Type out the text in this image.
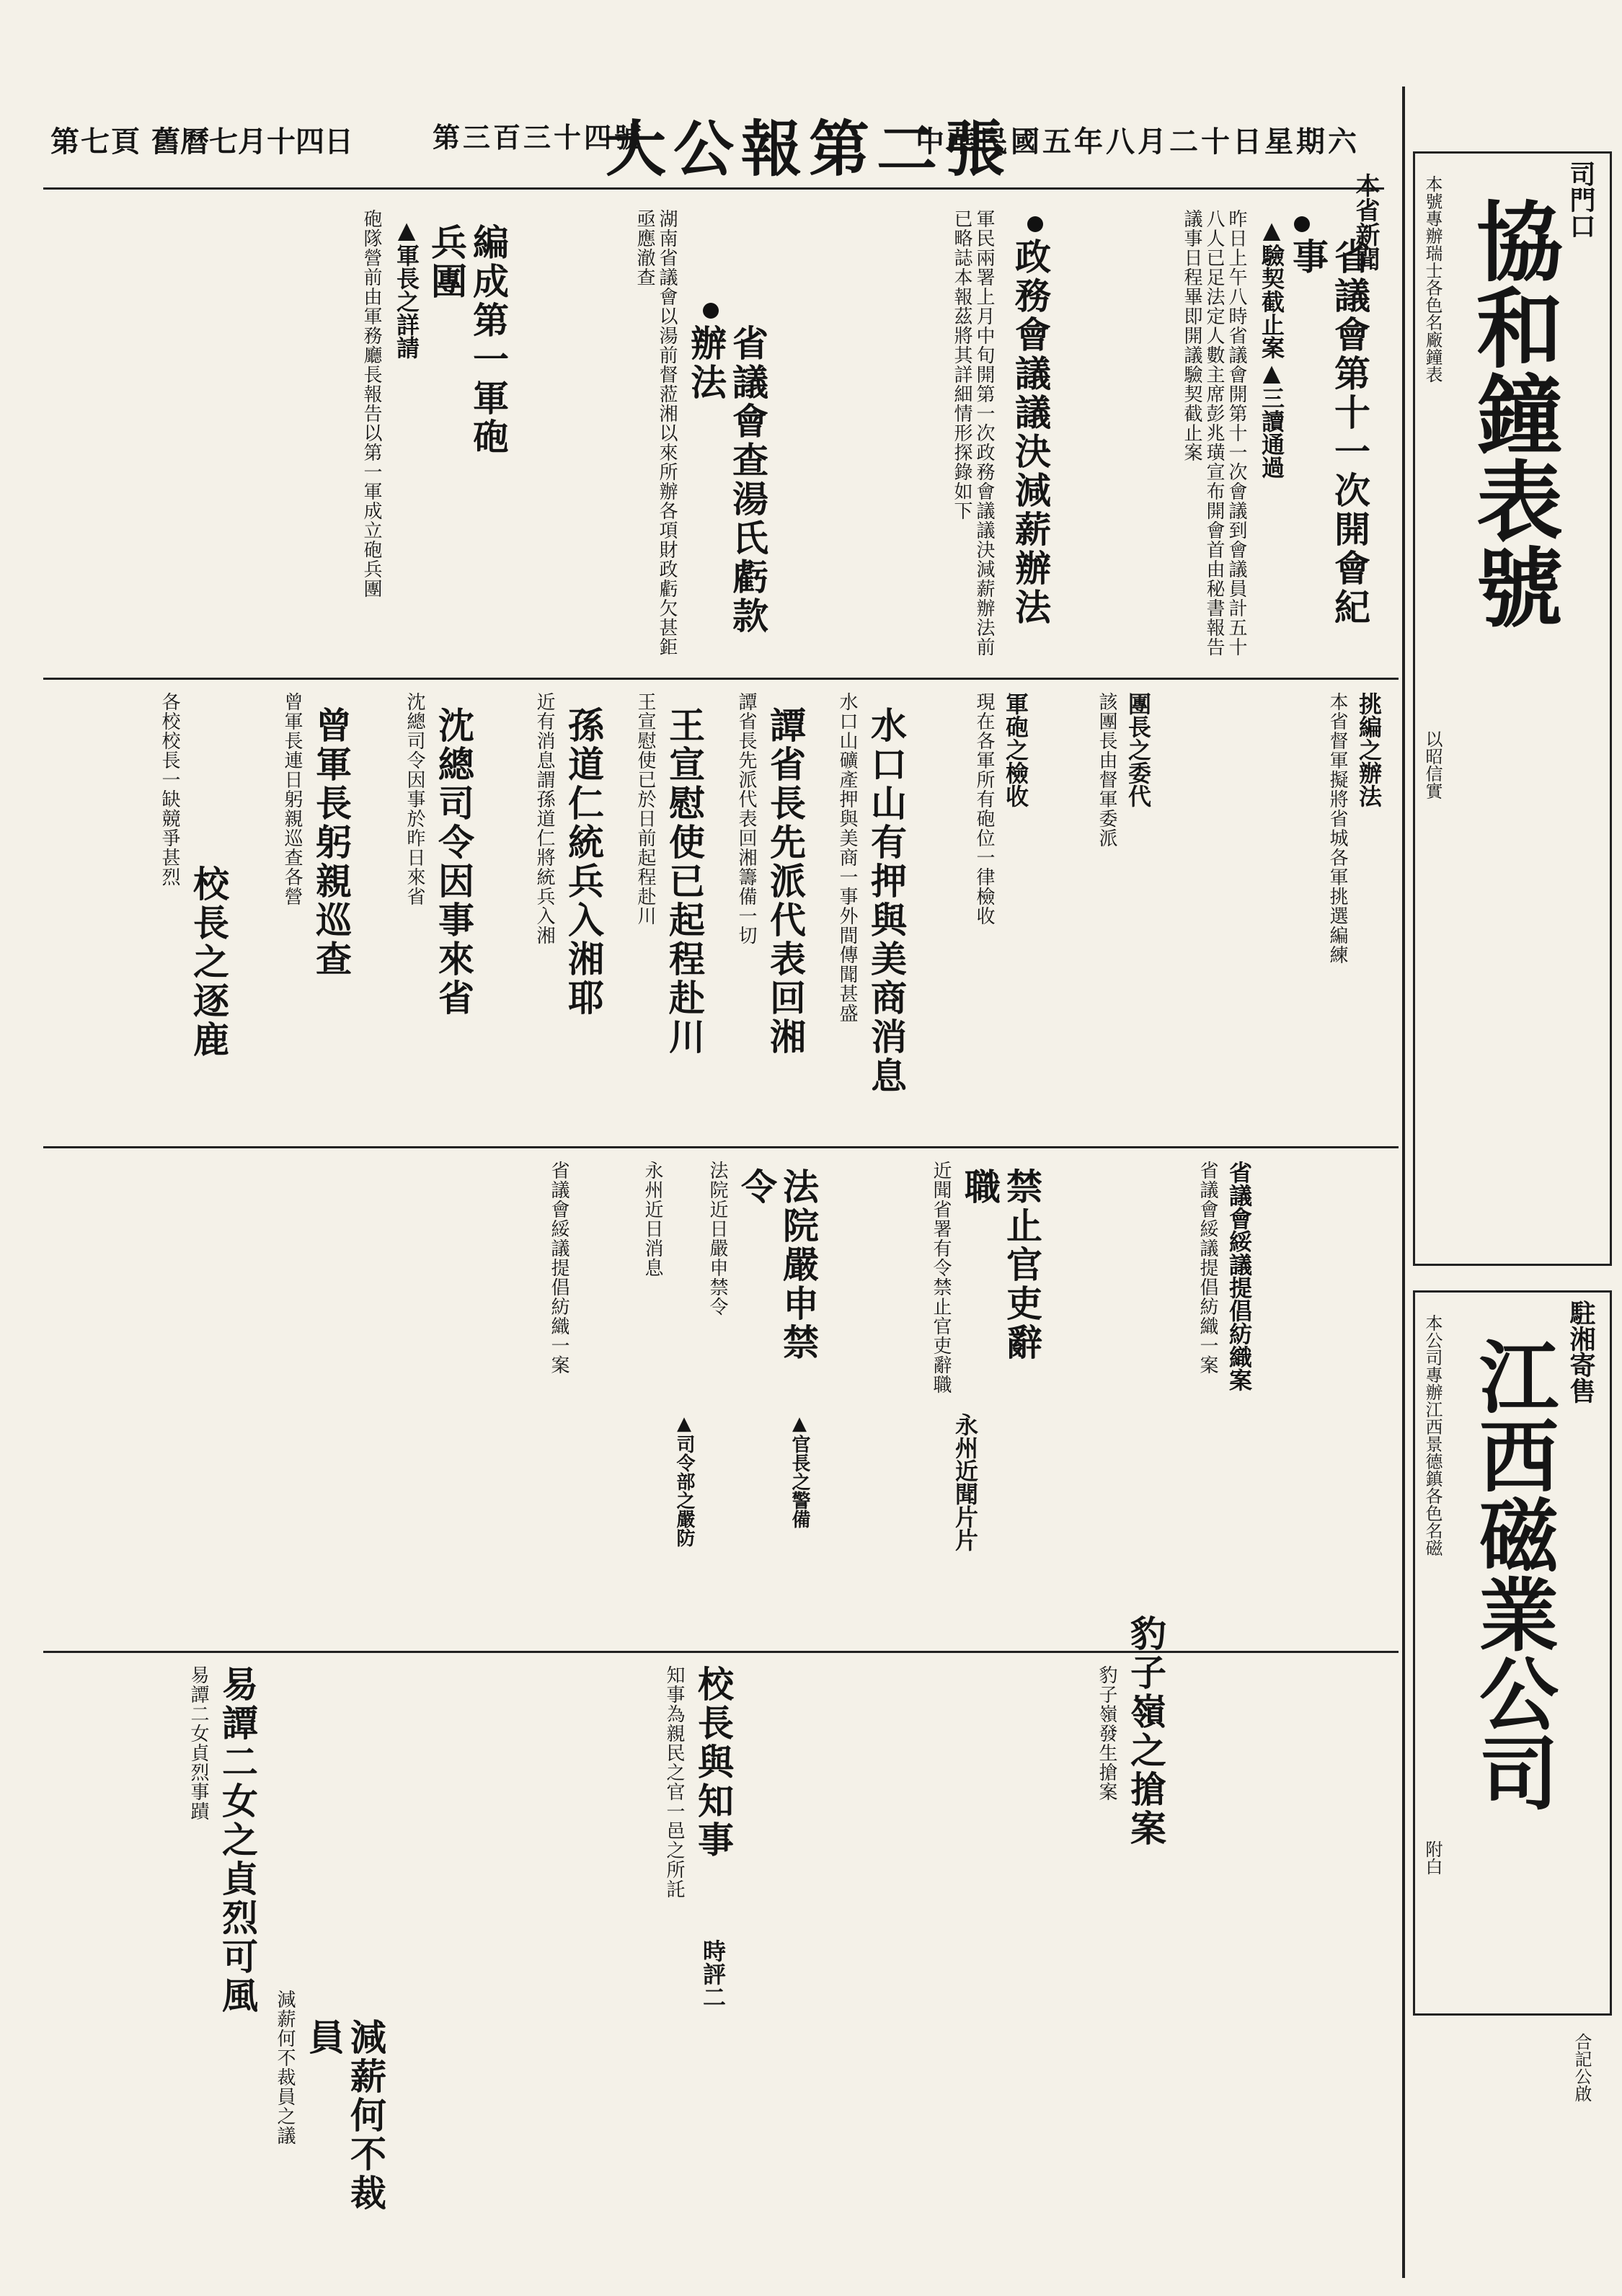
第七頁 舊曆七月十四日	第三百三十四號
大公報第二張
中華民國五年八月二十日星期六
司門口
協和鐘表號
本號專辦瑞士各色名廠鐘表
以昭信實
駐湘寄售
江西磁業公司
本公司專辦江西景德鎮各色名磁
附白
合記公啟
本省新聞
省議會第十一次開會紀事
▲驗契截止案▲三讀通過
昨日上午八時省議會開第十一次會議到會議員計五十八人已足法定人數主席彭兆璜宣布開會首由秘書報告議事日程畢即開議驗契截止案
政務會議議決減薪辦法
軍民兩署上月中旬開第一次政務會議議決減薪辦法前已略誌本報茲將其詳細情形探錄如下
省議會查湯氏虧款辦法
湖南省議會以湯前督蒞湘以來所辦各項財政虧欠甚鉅亟應澈查
編成第一軍砲兵團
▲軍長之詳請
砲隊營前由軍務廳長報告以第一軍成立砲兵團
挑編之辦法
本省督軍擬將省城各軍挑選編練
團長之委代
該團長由督軍委派
軍砲之檢收
現在各軍所有砲位一律檢收
水口山有押與美商消息
水口山礦產押與美商一事外間傳聞甚盛
譚省長先派代表回湘
譚省長先派代表回湘籌備一切
王宣慰使已起程赴川
王宣慰使已於日前起程赴川
孫道仁統兵入湘耶
近有消息謂孫道仁將統兵入湘
沈總司令因事來省
沈總司令因事於昨日來省
曾軍長躬親巡查
曾軍長連日躬親巡查各營
校長之逐鹿
各校校長一缺競爭甚烈
禁止官吏辭職
近聞省署有令禁止官吏辭職
法院嚴申禁令
法院近日嚴申禁令	省議會綏議提倡紡織案
省議會綏議提倡紡織一案
永州近聞片片
▲官長之警備
▲司令部之嚴防
永州近日消息
省議會綏議提倡紡織一案
豹子嶺之搶案
豹子嶺發生搶案
易譚二女之貞烈可風
易譚二女貞烈事蹟
減薪何不裁員
減薪何不裁員之議
校長與知事
時評二
知事為親民之官一邑之所託
